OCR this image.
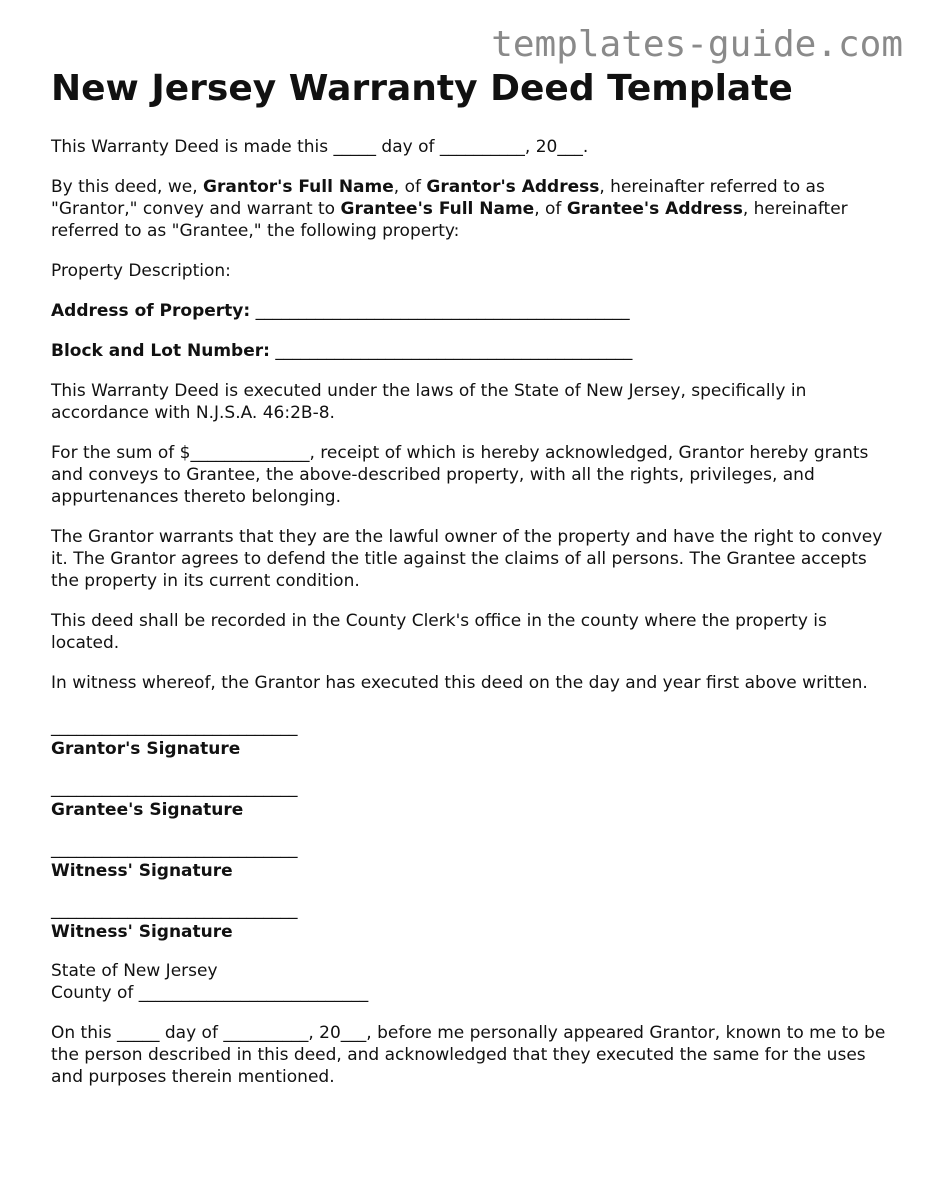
templates-guide.com
New Jersey Warranty Deed Template

This Warranty Deed is made this _____ day of __________, 20___.

By this deed, we, Grantor's Full Name, of Grantor's Address, hereinafter referred to as "Grantor," convey and warrant to Grantee's Full Name, of Grantee's Address, hereinafter referred to as "Grantee," the following property:

Property Description:

Address of Property: ____________________________________________

Block and Lot Number: __________________________________________

This Warranty Deed is executed under the laws of the State of New Jersey, specifically in accordance with N.J.S.A. 46:2B-8.

For the sum of $______________, receipt of which is hereby acknowledged, Grantor hereby grants and conveys to Grantee, the above-described property, with all the rights, privileges, and appurtenances thereto belonging.

The Grantor warrants that they are the lawful owner of the property and have the right to convey it. The Grantor agrees to defend the title against the claims of all persons. The Grantee accepts the property in its current condition.

This deed shall be recorded in the County Clerk's office in the county where the property is located.

In witness whereof, the Grantor has executed this deed on the day and year first above written.

_____________________________
Grantor's Signature
_____________________________
Grantee's Signature
_____________________________
Witness' Signature
_____________________________
Witness' Signature

State of New Jersey

County of ___________________________

On this _____ day of __________, 20___, before me personally appeared Grantor, known to me to be the person described in this deed, and acknowledged that they executed the same for the uses and purposes therein mentioned.
